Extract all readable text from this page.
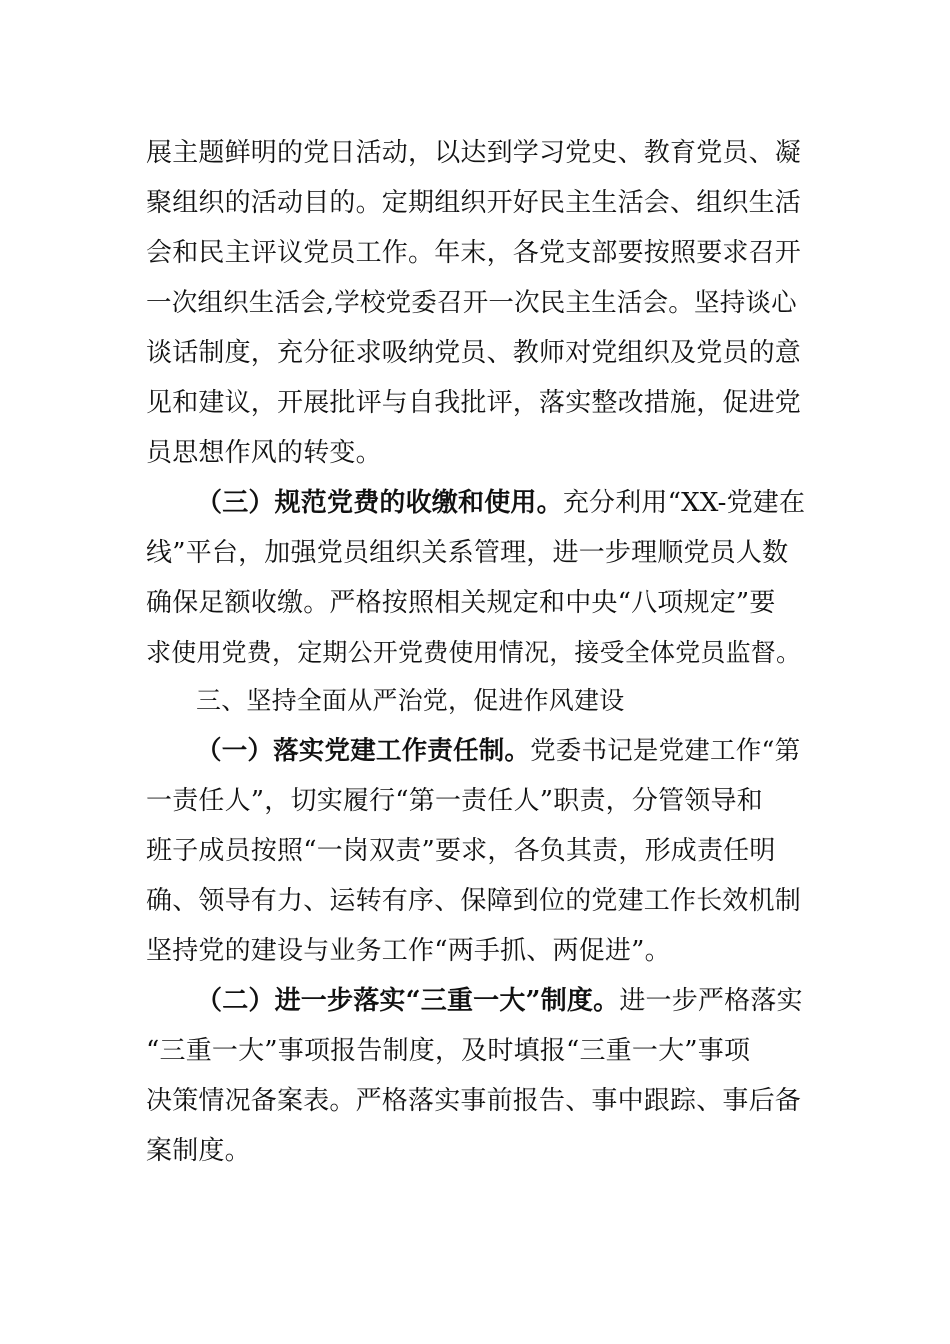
展主题鲜明的党日活动，以达到学习党史、教育党员、凝
聚组织的活动目的。定期组织开好民主生活会、组织生活
会和民主评议党员工作。年末，各党支部要按照要求召开
一次组织生活会,学校党委召开一次民主生活会。坚持谈心
谈话制度，充分征求吸纳党员、教师对党组织及党员的意
见和建议，开展批评与自我批评，落实整改措施，促进党
员思想作风的转变。
（三）规范党费的收缴和使用。充分利用“XX-党建在
线”平台，加强党员组织关系管理，进一步理顺党员人数
确保足额收缴。严格按照相关规定和中央“八项规定”要
求使用党费，定期公开党费使用情况，接受全体党员监督。
三、坚持全面从严治党，促进作风建设
（一）落实党建工作责任制。党委书记是党建工作“第
一责任人”，切实履行“第一责任人”职责，分管领导和
班子成员按照“一岗双责”要求，各负其责，形成责任明
确、领导有力、运转有序、保障到位的党建工作长效机制
坚持党的建设与业务工作“两手抓、两促进”。
（二）进一步落实“三重一大”制度。进一步严格落实
“三重一大”事项报告制度，及时填报“三重一大”事项
决策情况备案表。严格落实事前报告、事中跟踪、事后备
案制度。
